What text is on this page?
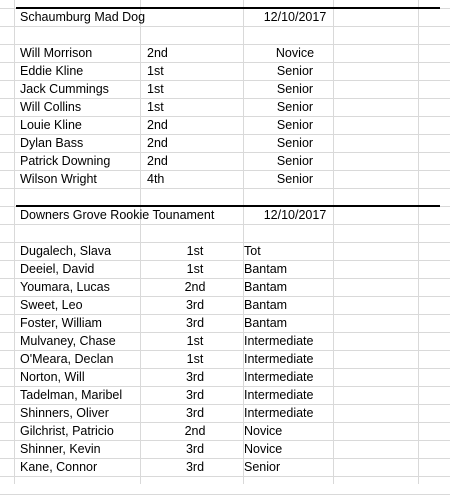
Schaumburg Mad Dog	12/10/2017
Will Morrison	2nd	Novice
Eddie Kline	1st	Senior
Jack Cummings	1st	Senior
Will Collins	1st	Senior
Louie Kline	2nd	Senior
Dylan Bass	2nd	Senior
Patrick Downing	2nd	Senior
Wilson Wright	4th	Senior
Downers Grove Rookie Tounament	12/10/2017
Dugalech, Slava	1st	Tot
Deeiel, David	1st	Bantam
Youmara, Lucas	2nd	Bantam
Sweet, Leo	3rd	Bantam
Foster, William	3rd	Bantam
Mulvaney, Chase	1st	Intermediate
O'Meara, Declan	1st	Intermediate
Norton, Will	3rd	Intermediate
Tadelman, Maribel	3rd	Intermediate
Shinners, Oliver	3rd	Intermediate
Gilchrist, Patricio	2nd	Novice
Shinner, Kevin	3rd	Novice
Kane, Connor	3rd	Senior
